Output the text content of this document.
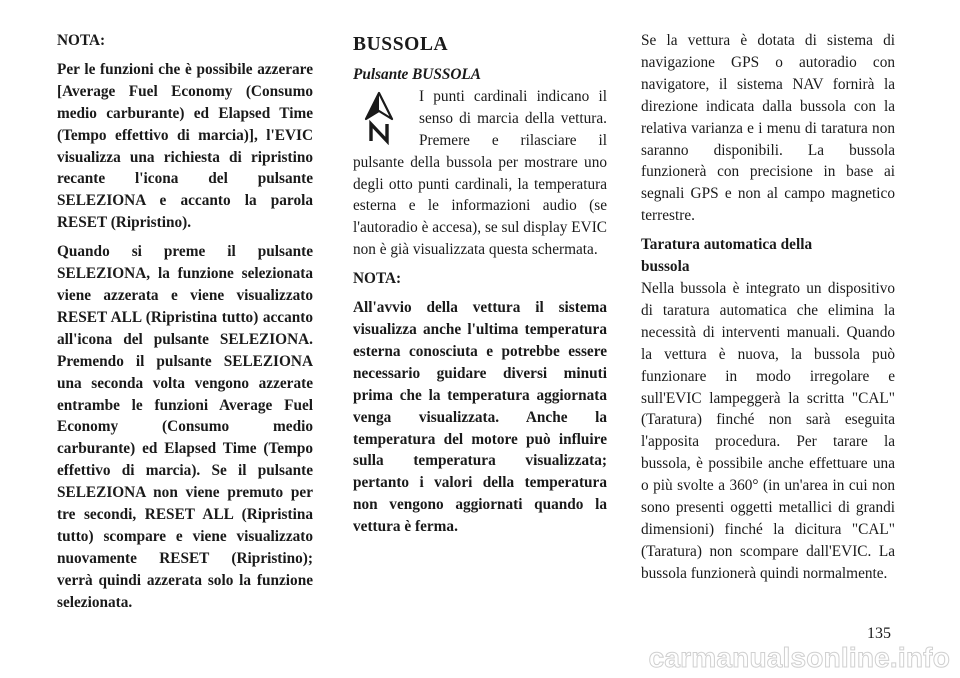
NOTA:

Per le funzioni che è possibile azzerare [Average Fuel Economy (Consumo medio carburante) ed Elapsed Time (Tempo effettivo di marcia)], l'EVIC visualizza una richiesta di ripristino recante l'icona del pulsante SELEZIONA e accanto la parola RESET (Ripristino).

Quando si preme il pulsante SELEZIONA, la funzione selezionata viene azzerata e viene visualizzato RESET ALL (Ripristina tutto) accanto all'icona del pulsante SELEZIONA. Premendo il pulsante SELEZIONA una seconda volta vengono azzerate entrambe le funzioni Average Fuel Economy (Consumo medio carburante) ed Elapsed Time (Tempo effettivo di marcia). Se il pulsante SELEZIONA non viene premuto per tre secondi, RESET ALL (Ripristina tutto) scompare e viene visualizzato nuovamente RESET (Ripristino); verrà quindi azzerata solo la funzione selezionata.

BUSSOLA

Pulsante BUSSOLA

I punti cardinali indicano il senso di marcia della vettura. Premere e rilasciare il pulsante della bussola per mostrare uno degli otto punti cardinali, la temperatura esterna e le informazioni audio (se l'autoradio è accesa), se sul display EVIC non è già visualizzata questa schermata.

NOTA:

All'avvio della vettura il sistema visualizza anche l'ultima temperatura esterna conosciuta e potrebbe essere necessario guidare diversi minuti prima che la temperatura aggiornata venga visualizzata. Anche la temperatura del motore può influire sulla temperatura visualizzata; pertanto i valori della temperatura non vengono aggiornati quando la vettura è ferma.

Se la vettura è dotata di sistema di navigazione GPS o autoradio con navigatore, il sistema NAV fornirà la direzione indicata dalla bussola con la relativa varianza e i menu di taratura non saranno disponibili. La bussola funzionerà con precisione in base ai segnali GPS e non al campo magnetico terrestre.

Taratura automatica della bussola

Nella bussola è integrato un dispositivo di taratura automatica che elimina la necessità di interventi manuali. Quando la vettura è nuova, la bussola può funzionare in modo irregolare e sull'EVIC lampeggerà la scritta "CAL" (Taratura) finché non sarà eseguita l'apposita procedura. Per tarare la bussola, è possibile anche effettuare una o più svolte a 360° (in un'area in cui non sono presenti oggetti metallici di grandi dimensioni) finché la dicitura "CAL" (Taratura) non scompare dall'EVIC. La bussola funzionerà quindi normalmente.

135
carmanualsonline.info
